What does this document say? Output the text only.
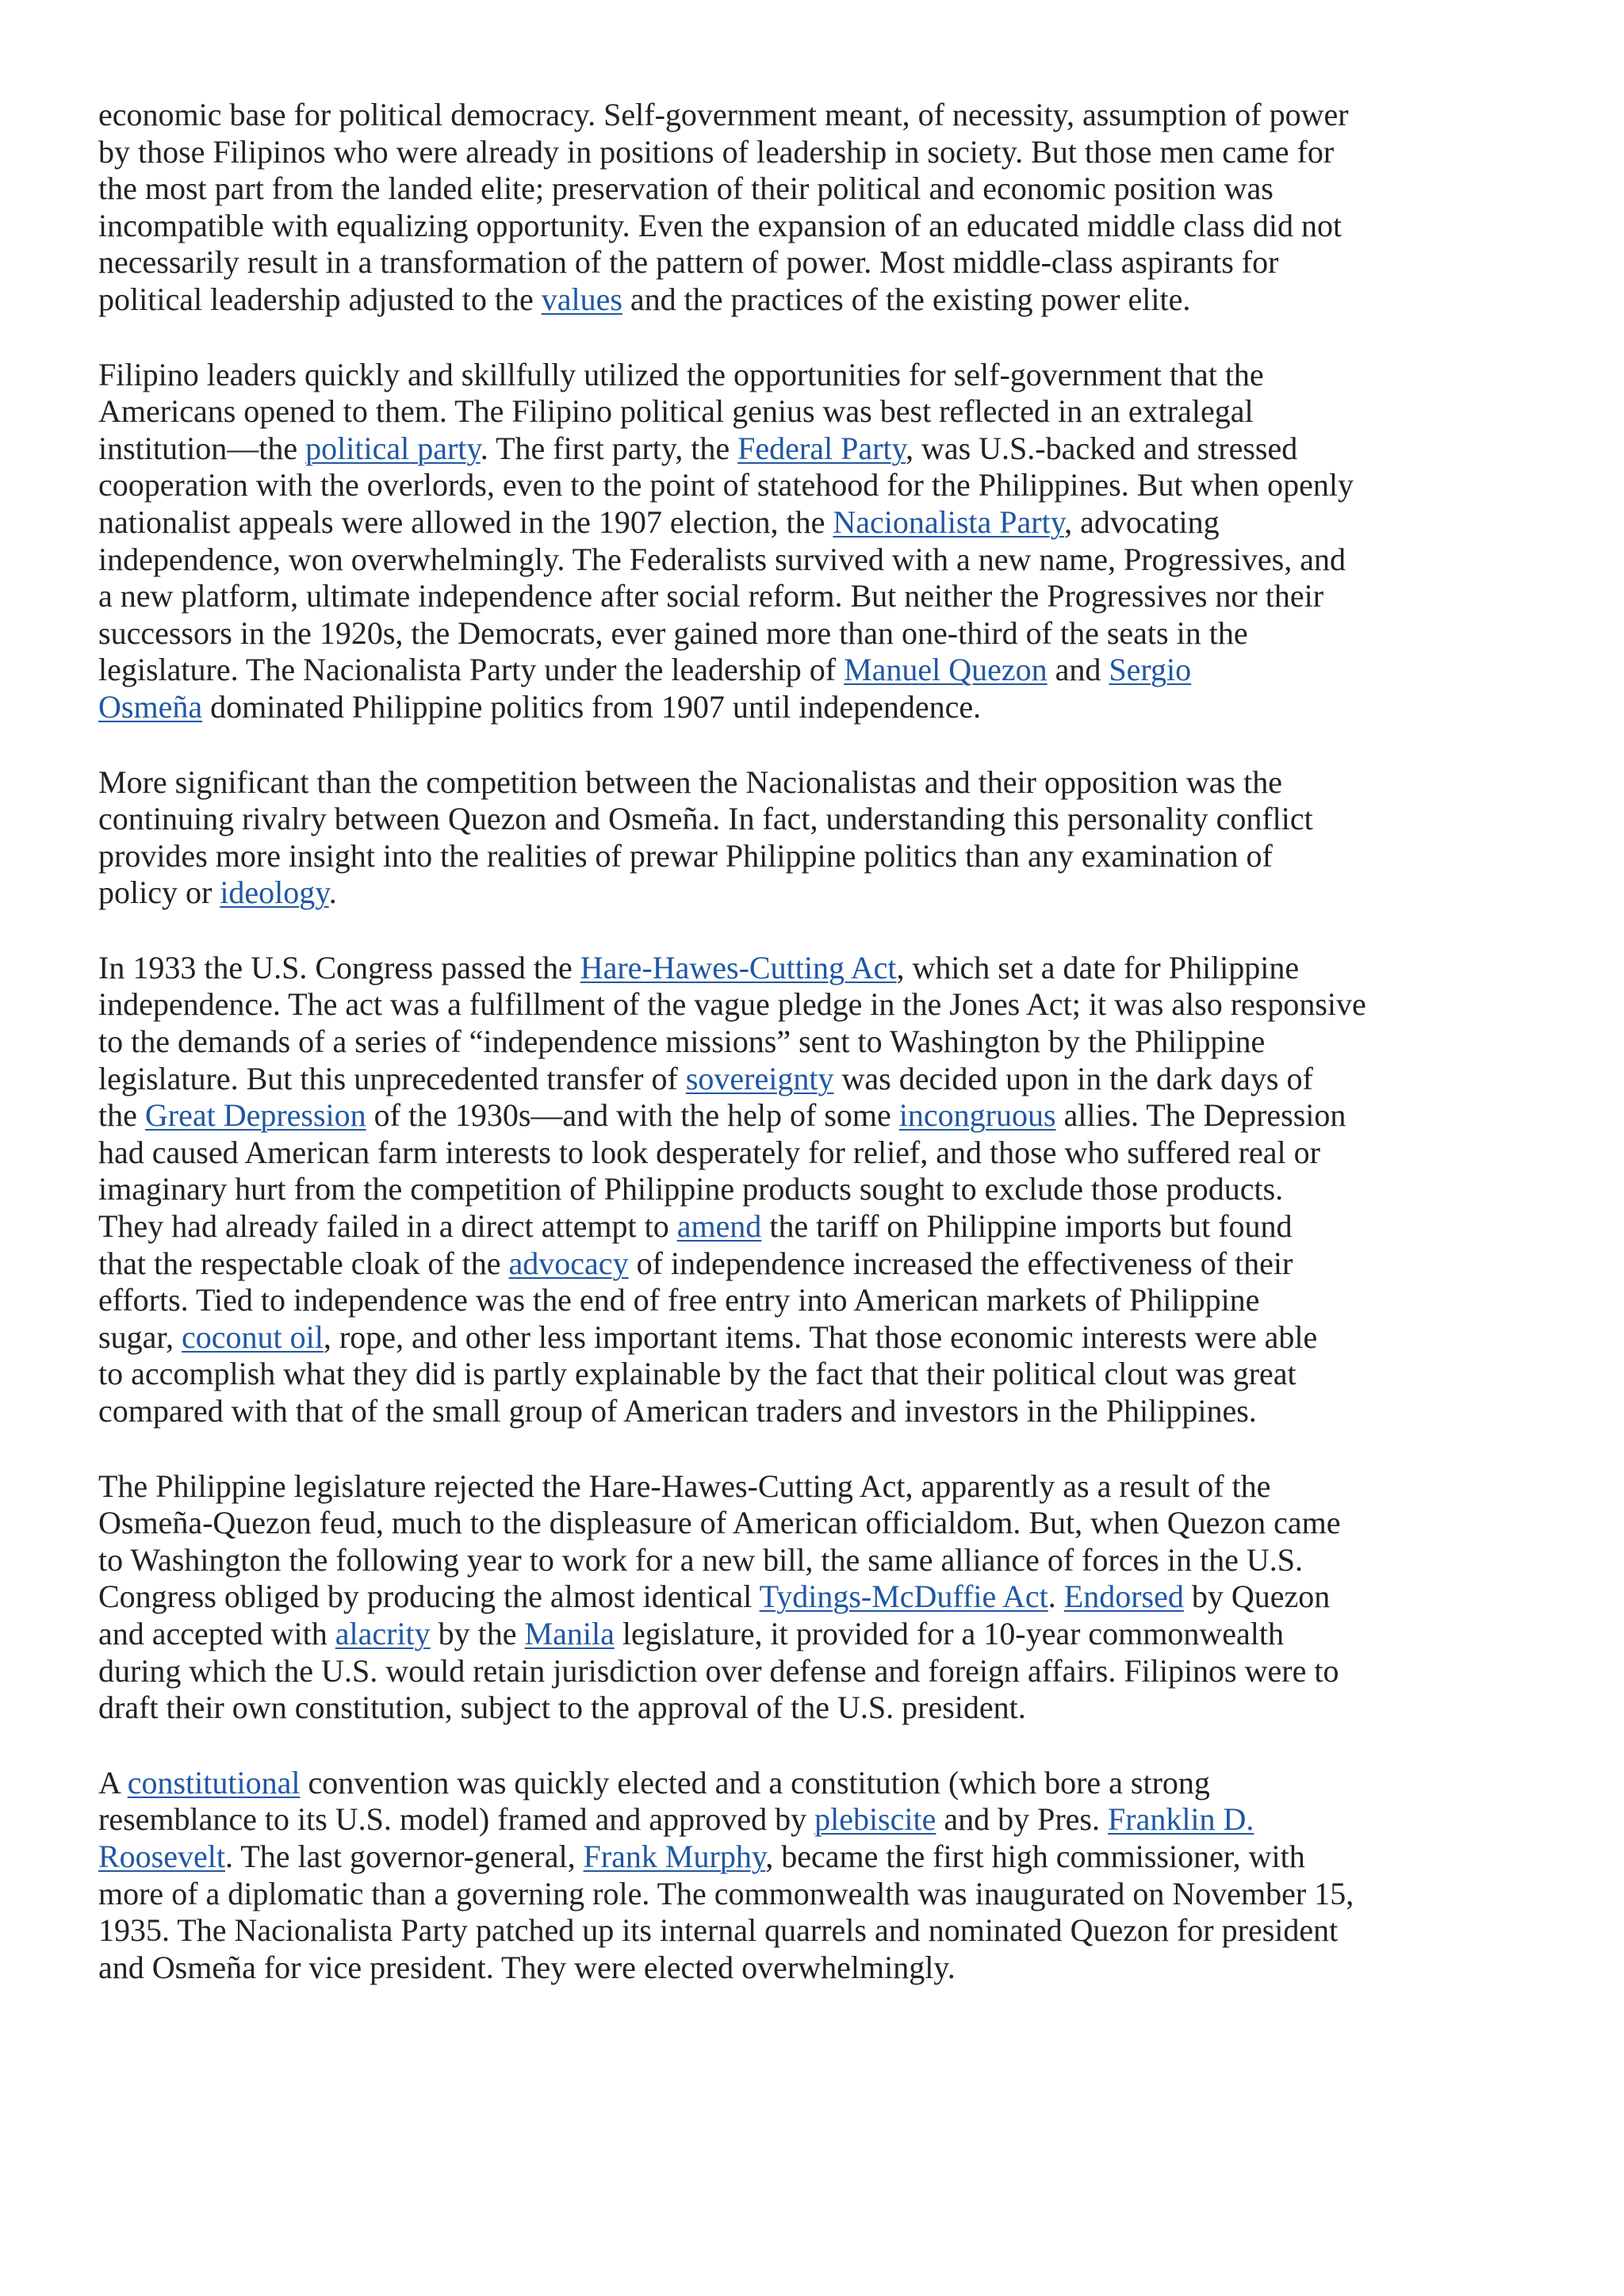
economic base for political democracy. Self-government meant, of necessity, assumption of power
by those Filipinos who were already in positions of leadership in society. But those men came for
the most part from the landed elite; preservation of their political and economic position was
incompatible with equalizing opportunity. Even the expansion of an educated middle class did not
necessarily result in a transformation of the pattern of power. Most middle-class aspirants for
political leadership adjusted to the values and the practices of the existing power elite.

Filipino leaders quickly and skillfully utilized the opportunities for self-government that the
Americans opened to them. The Filipino political genius was best reflected in an extralegal
institution—the political party. The first party, the Federal Party, was U.S.-backed and stressed
cooperation with the overlords, even to the point of statehood for the Philippines. But when openly
nationalist appeals were allowed in the 1907 election, the Nacionalista Party, advocating
independence, won overwhelmingly. The Federalists survived with a new name, Progressives, and
a new platform, ultimate independence after social reform. But neither the Progressives nor their
successors in the 1920s, the Democrats, ever gained more than one-third of the seats in the
legislature. The Nacionalista Party under the leadership of Manuel Quezon and Sergio
Osmeña dominated Philippine politics from 1907 until independence.

More significant than the competition between the Nacionalistas and their opposition was the
continuing rivalry between Quezon and Osmeña. In fact, understanding this personality conflict
provides more insight into the realities of prewar Philippine politics than any examination of
policy or ideology.

In 1933 the U.S. Congress passed the Hare-Hawes-Cutting Act, which set a date for Philippine
independence. The act was a fulfillment of the vague pledge in the Jones Act; it was also responsive
to the demands of a series of “independence missions” sent to Washington by the Philippine
legislature. But this unprecedented transfer of sovereignty was decided upon in the dark days of
the Great Depression of the 1930s—and with the help of some incongruous allies. The Depression
had caused American farm interests to look desperately for relief, and those who suffered real or
imaginary hurt from the competition of Philippine products sought to exclude those products.
They had already failed in a direct attempt to amend the tariff on Philippine imports but found
that the respectable cloak of the advocacy of independence increased the effectiveness of their
efforts. Tied to independence was the end of free entry into American markets of Philippine
sugar, coconut oil, rope, and other less important items. That those economic interests were able
to accomplish what they did is partly explainable by the fact that their political clout was great
compared with that of the small group of American traders and investors in the Philippines.

The Philippine legislature rejected the Hare-Hawes-Cutting Act, apparently as a result of the
Osmeña-Quezon feud, much to the displeasure of American officialdom. But, when Quezon came
to Washington the following year to work for a new bill, the same alliance of forces in the U.S.
Congress obliged by producing the almost identical Tydings-McDuffie Act. Endorsed by Quezon
and accepted with alacrity by the Manila legislature, it provided for a 10-year commonwealth
during which the U.S. would retain jurisdiction over defense and foreign affairs. Filipinos were to
draft their own constitution, subject to the approval of the U.S. president.

A constitutional convention was quickly elected and a constitution (which bore a strong
resemblance to its U.S. model) framed and approved by plebiscite and by Pres. Franklin D.
Roosevelt. The last governor-general, Frank Murphy, became the first high commissioner, with
more of a diplomatic than a governing role. The commonwealth was inaugurated on November 15,
1935. The Nacionalista Party patched up its internal quarrels and nominated Quezon for president
and Osmeña for vice president. They were elected overwhelmingly.
